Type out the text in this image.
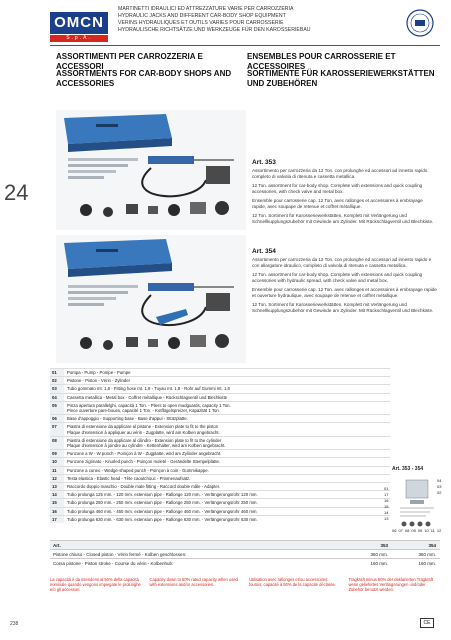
OMCN
S.p.A.
MARTINETTI IDRAULICI ED ATTREZZATURE VARIE PER CARROZZERIA
HYDRAULIC JACKS AND DIFFERENT CAR-BODY SHOP EQUIPMENT
VERINS HYDRAULIQUES ET OUTILS VARIES POUR CARROSSERIE
HYDRAULISCHE RICHTSÄTZE UND WERKZEUGE FÜR DEN KAROSSERIEBAU
ASSORTIMENTI PER CARROZZERIA E ACCESSORI
ENSEMBLES POUR CARROSSERIE ET ACCESSOIRES
ASSORTMENTS FOR CAR-BODY SHOPS AND ACCESSORIES
SORTIMENTE FÜR KAROSSERIEWERKSTÄTTEN UND ZUBEHÖREN
24
Art. 353

Assortimento per carrozzeria da 12 Ton. con prolunghe ed accessori ad innesto rapido, completo di valvola di ritenuta e cassetta metallica.

12 Ton. assortment for car-body shop. Complete with extensions and quick coupling accessories, with check valve and metal box.

Ensemble pour carrosserie cap. 12 Ton. avec rallonges et accessoires à embrayage rapide, avec soupape de retenue et coffret métallique.

12 Ton. Sortiment für Karosseriewerkstätten. Komplett mit Verlängerung und Schnellkupplungszubehör mit Gewinde am Zylinder. Mit Rückschlagventil und Blechkiste.

Art. 354

Assortimento per carrozzeria da 12 Ton. con prolunghe ed accessori ad innesto rapido e con allargatore idraulico, completo di valvola di ritenuta e cassetta metallica.

12 Ton. assortment for car-body shop. Complete with extensions and quick coupling accessories with hydraulic spread, with check valve and metal box.

Ensemble pour carrosserie cap. 12 Ton. avec rallonges et accessoires à embrayage rapide et ouverture hydraulique, avec soupape de retenue et coffret métallique.

12 Ton. Sortiment für Karosseriewerkstätten. Komplett mit Verlängerung und Schnellkupplungszubehör mit Gewinde am Zylinder. Mit Rückschlagventil und Blechkiste.

01	Pompa - Pump - Pompe - Pumpe
02	Pistone - Piston - Vérin - Zylinder
03	Tubo gommato mt. 1,8 - Fitting hose mt. 1,8 - Tuyau mt. 1,8 - Rohr auf Gummi mt. 1,8
04	Cassetta metallica - Metal box - Coffret métallique - Rückschlagventil und Blechkiste
05	Pinza apertura parallelghi, capacità 1 Ton. - Pliers to open mudguards, capacity 1 Ton.
Pince ouverture pare-boues, capacité 1 Ton. - Kotflügelspreizer, Kapazität 1 Ton.
06	Base d'appoggio - Supporting base - Base d'appui - Stützplatte.
07	Piastra di estensione da applicare al pistone - Extension plate to fit to the piston
Plaque d'extension à appliquer au vérin - Zugplatte, wird am Kolben angebracht.
08	Piastra di estensione da applicare al cilindro - Extension plate to fit to the cylinder
Plaque d'extension à joindre au cylindre - Kettenhalter, wird am Kolben angebracht.
09	Punzone a W - W punch - Poinçon à W - Zugplatte, wird am Zylinder angebracht.
10	Punzone zigrinato - Knurled punch - Poinçon moleté - Gerändelte Stempelplatte.
11	Punzone a cuneo - Wedge-shaped punch - Poinçon à coin - Gummikappe.
12	Testa elastica - Elastic head - Tête caoutchouc - Prismenaufsatz.
13	Raccordo doppio maschio - Double male fitting - Raccord double mâle - Adapter.
14	Tubo prolunga 125 mm. - 120 mm. extension pipe - Rallonge 120 mm. - Verlängerungsrohr 120 mm.
15	Tubo prolunga 250 mm. - 250 mm. extension pipe - Rallonge 250 mm. - Verlängerungsrohr 250 mm.
16	Tubo prolunga 460 mm. - 460 mm. extension pipe - Rallonge 460 mm. - Verlängerungsrohr 460 mm.
17	Tubo prolunga 630 mm. - 630 mm. extension pipe - Rallonge 630 mm. - Verlängerungsrohr 630 mm.
Art. 353 - 354
01
17
16
15
14
13
04
03
02
06 07 08 05 09 10 11 12
Art.	353	354
Pistone chiuso - Closed piston - Vérin fermé - Kolben geschlossen:	360 mm.	360 mm.
Corsa pistone - Piston stroke - Course du vérin - Kolbenhub:	160 mm.	160 mm.
La capacità è da intendersi al 50% della capacità nominale quando vengono impiegate le prolunghe e/o gli accessori.
Capacity down to 50% rated capacity when used with extensions and/or accessories.
Utilisation avec rallonges et/ou accessoires: fournis, capacité à 50% de la capacité déclarée.
Tragkraft minus 50% der deklarierten Tragkraft wenn geliefertes Verlängerungen und/oder Zubehör benutzt werden.
238	CE
